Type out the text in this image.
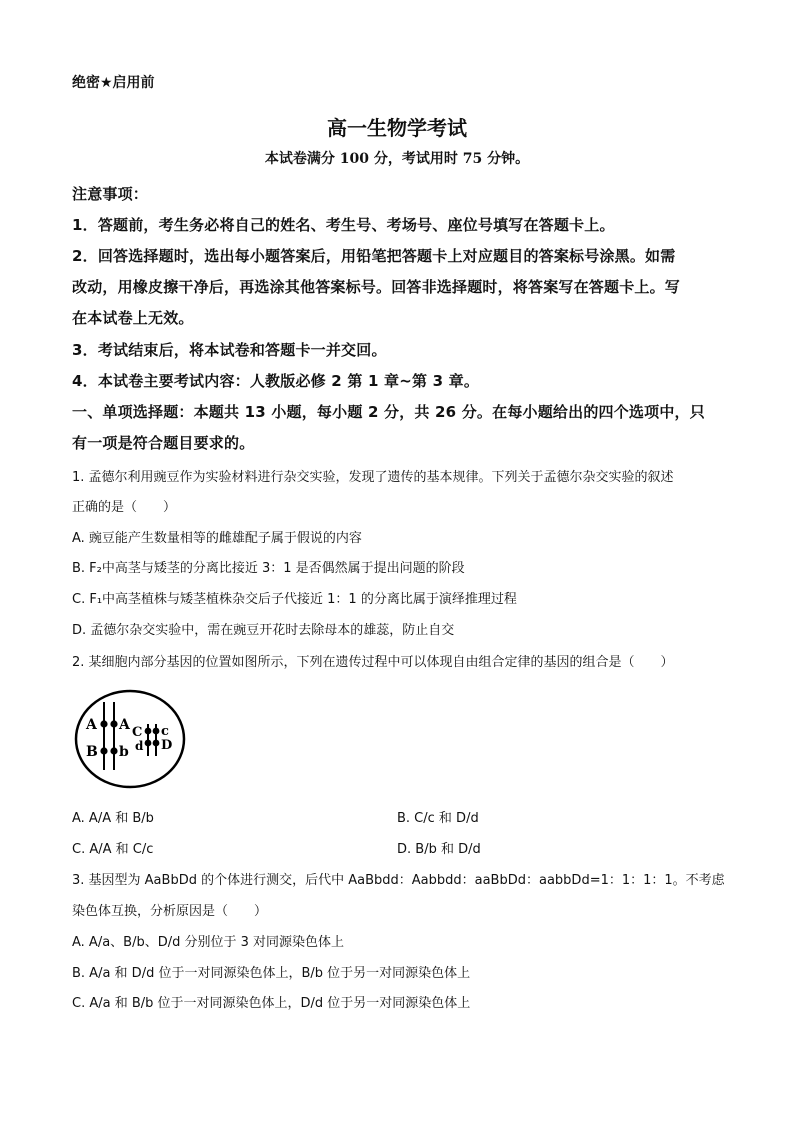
绝密★启用前
高一生物学考试
本试卷满分 100 分，考试用时 75 分钟。
注意事项：
1．答题前，考生务必将自己的姓名、考生号、考场号、座位号填写在答题卡上。
2．回答选择题时，选出每小题答案后，用铅笔把答题卡上对应题目的答案标号涂黑。如需
改动，用橡皮擦干净后，再选涂其他答案标号。回答非选择题时，将答案写在答题卡上。写
在本试卷上无效。
3．考试结束后，将本试卷和答题卡一并交回。
4．本试卷主要考试内容：人教版必修 2 第 1 章~第 3 章。
一、单项选择题：本题共 13 小题，每小题 2 分，共 26 分。在每小题给出的四个选项中，只
有一项是符合题目要求的。
1. 孟德尔利用豌豆作为实验材料进行杂交实验，发现了遗传的基本规律。下列关于孟德尔杂交实验的叙述
正确的是（　　）
A. 豌豆能产生数量相等的雌雄配子属于假说的内容
B. F₂中高茎与矮茎的分离比接近 3：1 是否偶然属于提出问题的阶段
C. F₁中高茎植株与矮茎植株杂交后子代接近 1：1 的分离比属于演绎推理过程
D. 孟德尔杂交实验中，需在豌豆开花时去除母本的雄蕊，防止自交
2. 某细胞内部分基因的位置如图所示，下列在遗传过程中可以体现自由组合定律的基因的组合是（　　）
A A
B b
C c
d D
A. A/A 和 B/b	B. C/c 和 D/d
C. A/A 和 C/c	D. B/b 和 D/d
3. 基因型为 AaBbDd 的个体进行测交，后代中 AaBbdd：Aabbdd：aaBbDd：aabbDd=1：1：1：1。不考虑
染色体互换，分析原因是（　　）
A. A/a、B/b、D/d 分别位于 3 对同源染色体上
B. A/a 和 D/d 位于一对同源染色体上，B/b 位于另一对同源染色体上
C. A/a 和 B/b 位于一对同源染色体上，D/d 位于另一对同源染色体上
